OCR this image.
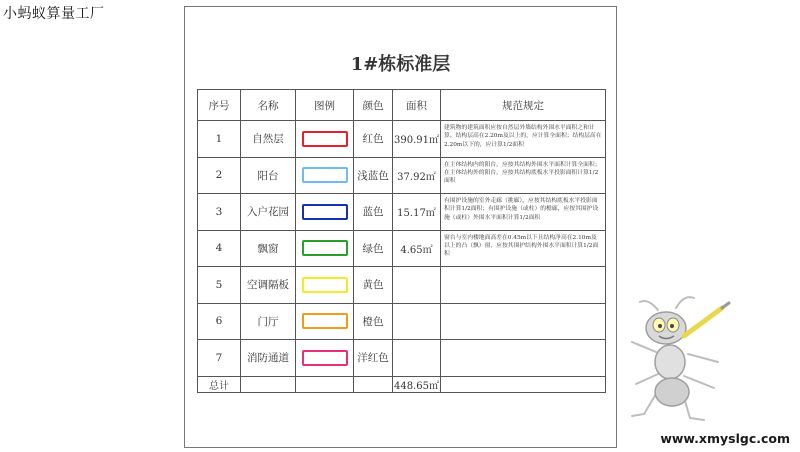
小蚂蚁算量工厂
1#栋标准层
序号	名称	图例	颜色	面积	规范规定
1	自然层		红色	390.91㎡	建筑物的建筑面积应按自然层外墙结构外围水平面积之和计算。结构层高在2.20m及以上的，应计算全面积；结构层高在2.20m以下的，应计算1/2面积
2	阳台		浅蓝色	37.92㎡	在主体结构内的阳台，应按其结构外围水平面积计算全面积；在主体结构外的阳台，应按其结构底板水平投影面积计算1/2面积
3	入户花园		蓝色	15.17㎡	有围护设施的室外走廊（挑廊），应按其结构底板水平投影面积计算1/2面积；有围护设施（或柱）的檐廊，应按其围护设施（或柱）外围水平面积计算1/2面积
4	飘窗		绿色	4.65㎡	窗台与室内楼地面高差在0.45m以下且结构净高在2.10m及以上的凸（飘）窗，应按其围护结构外围水平面积计算1/2面积
5	空调隔板		黄色		
6	门厅		橙色		
7	消防通道		洋红色		
总计				448.65㎡	
www.xmyslgc.com
